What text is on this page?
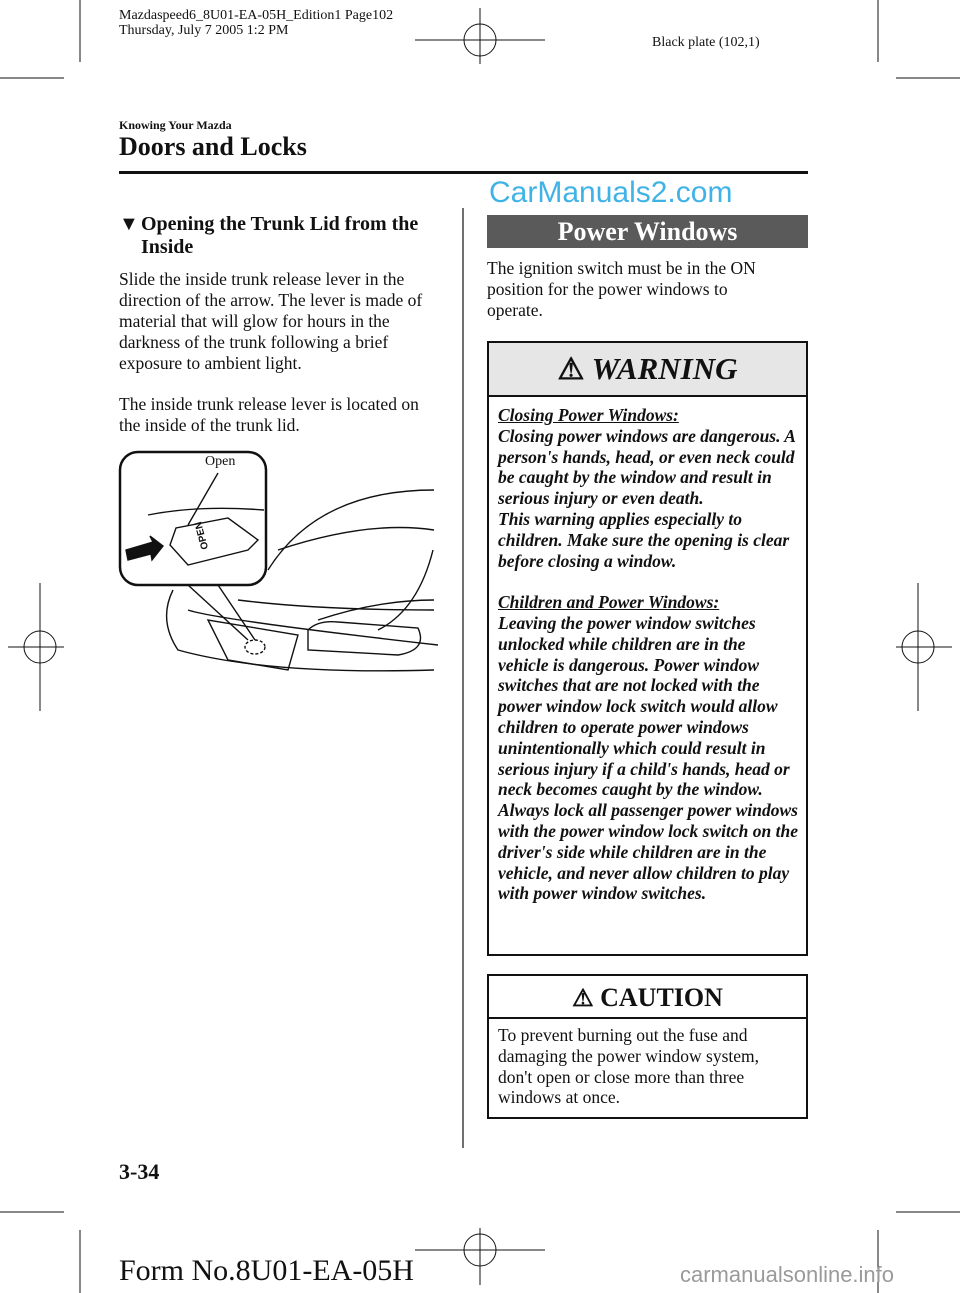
Mazdaspeed6_8U01-EA-05H_Edition1 Page102
Thursday, July 7 2005 1:2 PM
Black plate (102,1)
Knowing Your Mazda
Doors and Locks
CarManuals2.com
▼ Opening the Trunk Lid from the Inside
Slide the inside trunk release lever in the direction of the arrow. The lever is made of material that will glow for hours in the darkness of the trunk following a brief exposure to ambient light.
The inside trunk release lever is located on the inside of the trunk lid.
Open
OPEN
Power Windows
The ignition switch must be in the ON position for the power windows to operate.
⚠ WARNING

Closing Power Windows:
Closing power windows are dangerous. A person's hands, head, or even neck could be caught by the window and result in serious injury or even death.
This warning applies especially to children. Make sure the opening is clear before closing a window.

Children and Power Windows:
Leaving the power window switches unlocked while children are in the vehicle is dangerous. Power window switches that are not locked with the power window lock switch would allow children to operate power windows unintentionally which could result in serious injury if a child's hands, head or neck becomes caught by the window. Always lock all passenger power windows with the power window lock switch on the driver's side while children are in the vehicle, and never allow children to play with power window switches.

⚠ CAUTION
To prevent burning out the fuse and damaging the power window system, don't open or close more than three windows at once.
3-34
Form No.8U01-EA-05H	carmanualsonline.info
